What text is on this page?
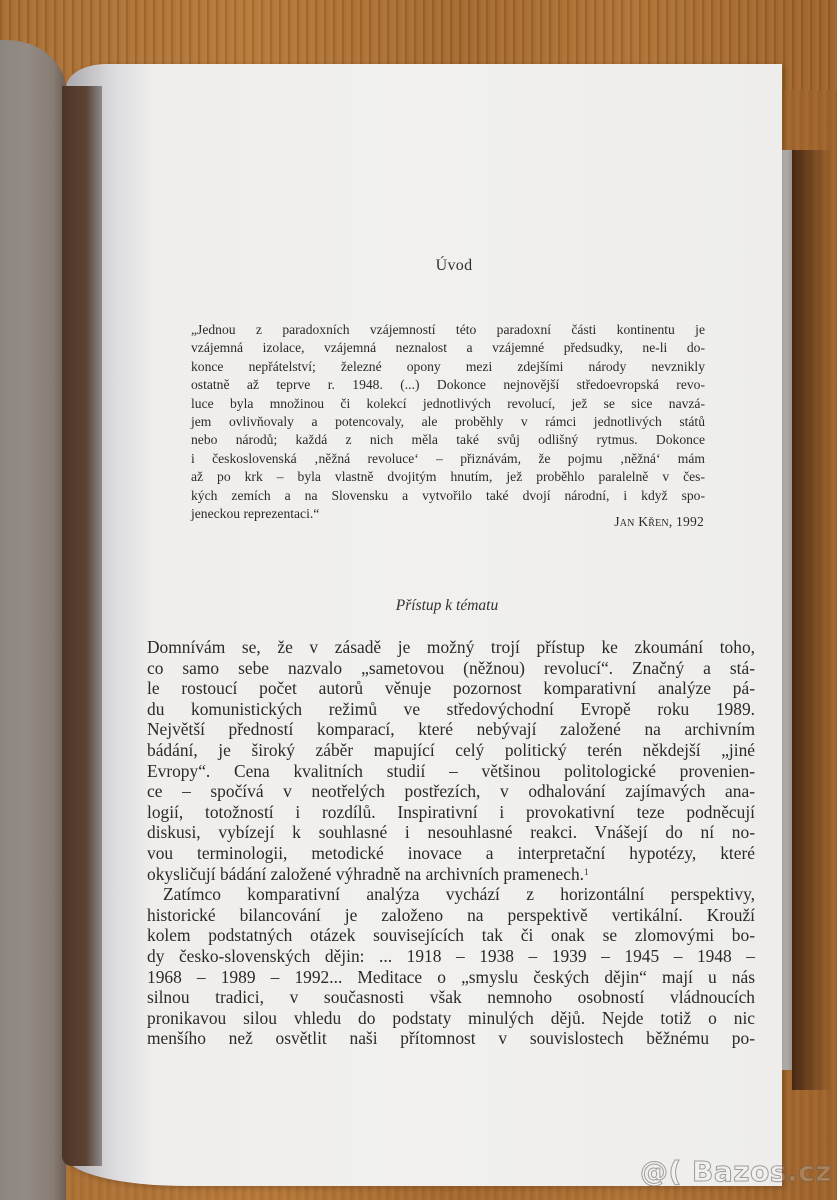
Úvod
„Jednou z paradoxních vzájemností této paradoxní části kontinentu je
vzájemná izolace, vzájemná neznalost a vzájemné předsudky, ne-li do-
konce nepřátelství; železné opony mezi zdejšími národy nevznikly
ostatně až teprve r. 1948. (...) Dokonce nejnovější středoevropská revo-
luce byla množinou či kolekcí jednotlivých revolucí, jež se sice navzá-
jem ovlivňovaly a potencovaly, ale proběhly v rámci jednotlivých států
nebo národů; každá z nich měla také svůj odlišný rytmus. Dokonce
i československá ‚něžná revoluce‘ – přiznávám, že pojmu ‚něžná‘ mám
až po krk – byla vlastně dvojitým hnutím, jež proběhlo paralelně v čes-
kých zemích a na Slovensku a vytvořilo také dvojí národní, i když spo-
jeneckou reprezentaci.“
Jan Křen, 1992
Přístup k tématu
Domnívám se, že v zásadě je možný trojí přístup ke zkoumání toho,
co samo sebe nazvalo „sametovou (něžnou) revolucí“. Značný a stá-
le rostoucí počet autorů věnuje pozornost komparativní analýze pá-
du komunistických režimů ve středovýchodní Evropě roku 1989.
Největší předností komparací, které nebývají založené na archivním
bádání, je široký záběr mapující celý politický terén někdejší „jiné
Evropy“. Cena kvalitních studií – většinou politologické provenien-
ce – spočívá v neotřelých postřezích, v odhalování zajímavých ana-
logií, totožností i rozdílů. Inspirativní i provokativní teze podněcují
diskusi, vybízejí k souhlasné i nesouhlasné reakci. Vnášejí do ní no-
vou terminologii, metodické inovace a interpretační hypotézy, které
okysličují bádání založené výhradně na archivních pramenech.$^1$
Zatímco komparativní analýza vychází z horizontální perspektivy,
historické bilancování je založeno na perspektivě vertikální. Krouží
kolem podstatných otázek souvisejících tak či onak se zlomovými bo-
dy česko-slovenských dějin: ... 1918 – 1938 – 1939 – 1945 – 1948 –
1968 – 1989 – 1992... Meditace o „smyslu českých dějin“ mají u nás
silnou tradici, v současnosti však nemnoho osobností vládnoucích
pronikavou silou vhledu do podstaty minulých dějů. Nejde totiž o nic
menšího než osvětlit naši přítomnost v souvislostech běžnému po-
@( Bazos.cz
